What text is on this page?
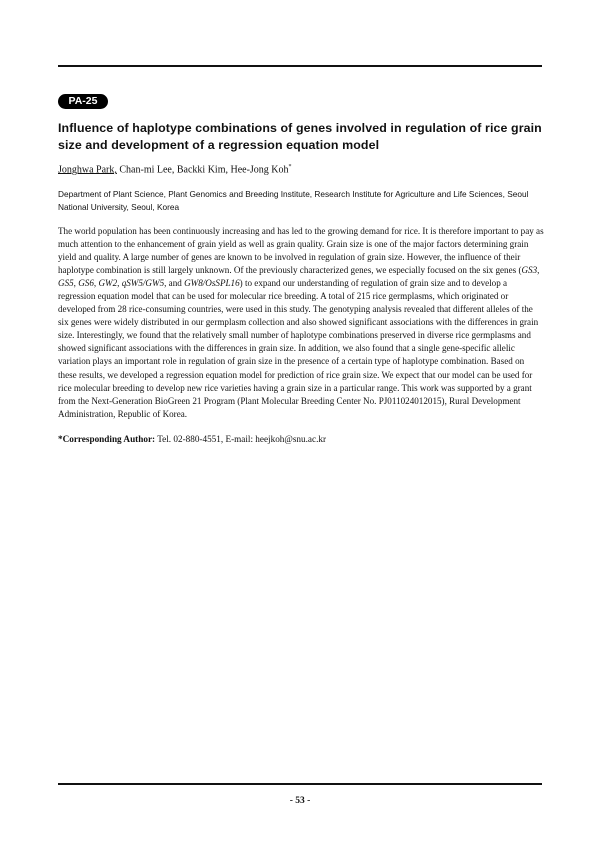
PA-25
Influence of haplotype combinations of genes involved in regulation of rice grain size and development of a regression equation model
Jonghwa Park, Chan-mi Lee, Backki Kim, Hee-Jong Koh*
Department of Plant Science, Plant Genomics and Breeding Institute, Research Institute for Agriculture and Life Sciences, Seoul National University, Seoul, Korea

The world population has been continuously increasing and has led to the growing demand for rice. It is therefore important to pay as much attention to the enhancement of grain yield as well as grain quality. Grain size is one of the major factors determining grain yield and quality. A large number of genes are known to be involved in regulation of grain size. However, the influence of their haplotype combination is still largely unknown. Of the previously characterized genes, we especially focused on the six genes (GS3, GS5, GS6, GW2, qSW5/GW5, and GW8/OsSPL16) to expand our understanding of regulation of grain size and to develop a regression equation model that can be used for molecular rice breeding. A total of 215 rice germplasms, which originated or developed from 28 rice-consuming countries, were used in this study. The genotyping analysis revealed that different alleles of the six genes were widely distributed in our germplasm collection and also showed significant associations with the differences in grain size. Interestingly, we found that the relatively small number of haplotype combinations preserved in diverse rice germplasms and showed significant associations with the differences in grain size. In addition, we also found that a single gene-specific allelic variation plays an important role in regulation of grain size in the presence of a certain type of haplotype combination. Based on these results, we developed a regression equation model for prediction of rice grain size. We expect that our model can be used for rice molecular breeding to develop new rice varieties having a grain size in a particular range. This work was supported by a grant from the Next-Generation BioGreen 21 Program (Plant Molecular Breeding Center No. PJ011024012015), Rural Development Administration, Republic of Korea.

*Corresponding Author: Tel. 02-880-4551, E-mail: heejkoh@snu.ac.kr
- 53 -
